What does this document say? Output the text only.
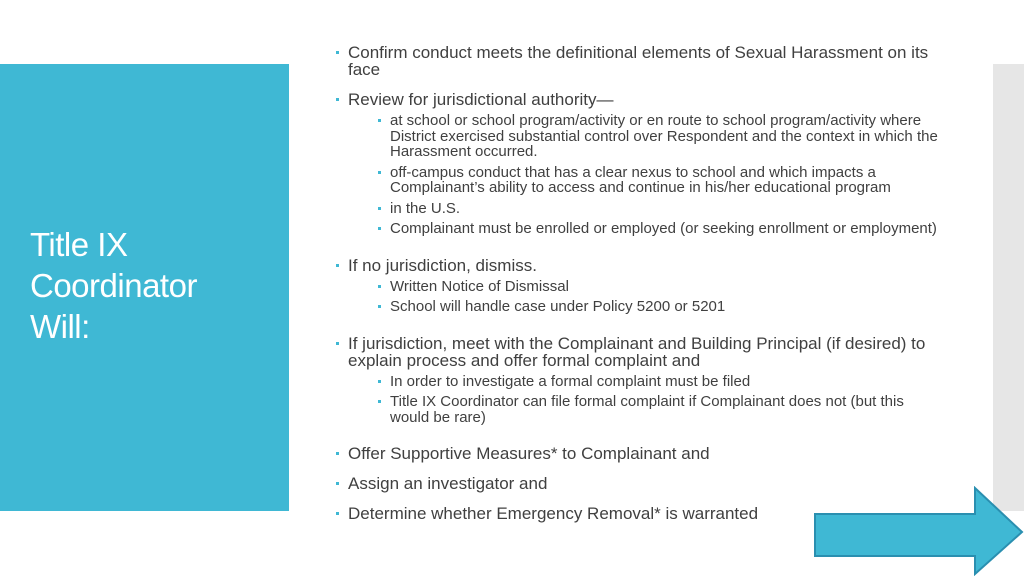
Title IX
Coordinator
Will:
Confirm conduct meets the definitional elements of Sexual Harassment on its face
Review for jurisdictional authority—
at school or school program/activity or en route to school program/activity where District exercised substantial control over Respondent and the context in which the Harassment occurred.
off-campus conduct that has a clear nexus to school and which impacts a Complainant’s ability to access and continue in his/her educational program
in the U.S.
Complainant must be enrolled or employed (or seeking enrollment or employment)
If no jurisdiction, dismiss.
Written Notice of Dismissal
School will handle case under Policy 5200 or 5201
If jurisdiction, meet with the Complainant and Building Principal (if desired) to explain process and offer formal complaint and
In order to investigate a formal complaint must be filed
Title IX Coordinator can file formal complaint if Complainant does not (but this would be rare)
Offer Supportive Measures* to Complainant and
Assign an investigator and
Determine whether Emergency Removal* is warranted
